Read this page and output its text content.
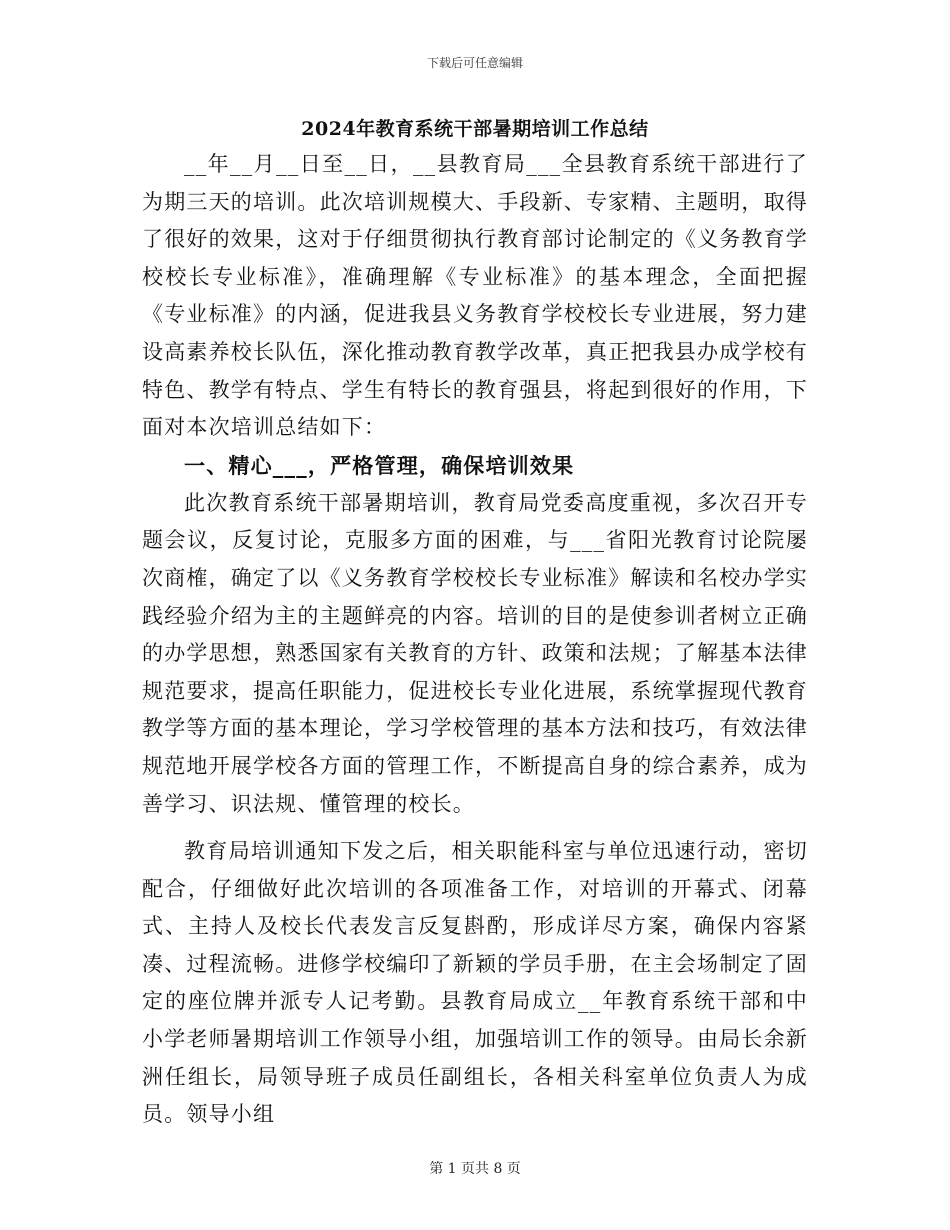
下载后可任意编辑
2024年教育系统干部暑期培训工作总结

__年__月__日至__日，__县教育局___全县教育系统干部进行了为期三天的培训。此次培训规模大、手段新、专家精、主题明，取得了很好的效果，这对于仔细贯彻执行教育部讨论制定的《义务教育学校校长专业标准》，准确理解《专业标准》的基本理念，全面把握《专业标准》的内涵，促进我县义务教育学校校长专业进展，努力建设高素养校长队伍，深化推动教育教学改革，真正把我县办成学校有特色、教学有特点、学生有特长的教育强县，将起到很好的作用，下面对本次培训总结如下：

一、精心___，严格管理，确保培训效果

此次教育系统干部暑期培训，教育局党委高度重视，多次召开专题会议，反复讨论，克服多方面的困难，与___省阳光教育讨论院屡次商榷，确定了以《义务教育学校校长专业标准》解读和名校办学实践经验介绍为主的主题鲜亮的内容。培训的目的是使参训者树立正确的办学思想，熟悉国家有关教育的方针、政策和法规；了解基本法律规范要求，提高任职能力，促进校长专业化进展，系统掌握现代教育教学等方面的基本理论，学习学校管理的基本方法和技巧，有效法律规范地开展学校各方面的管理工作，不断提高自身的综合素养，成为善学习、识法规、懂管理的校长。

教育局培训通知下发之后，相关职能科室与单位迅速行动，密切配合，仔细做好此次培训的各项准备工作，对培训的开幕式、闭幕式、主持人及校长代表发言反复斟酌，形成详尽方案，确保内容紧凑、过程流畅。进修学校编印了新颖的学员手册，在主会场制定了固定的座位牌并派专人记考勤。县教育局成立__年教育系统干部和中小学老师暑期培训工作领导小组，加强培训工作的领导。由局长余新洲任组长，局领导班子成员任副组长，各相关科室单位负责人为成员。领导小组

第 1 页共 8 页
